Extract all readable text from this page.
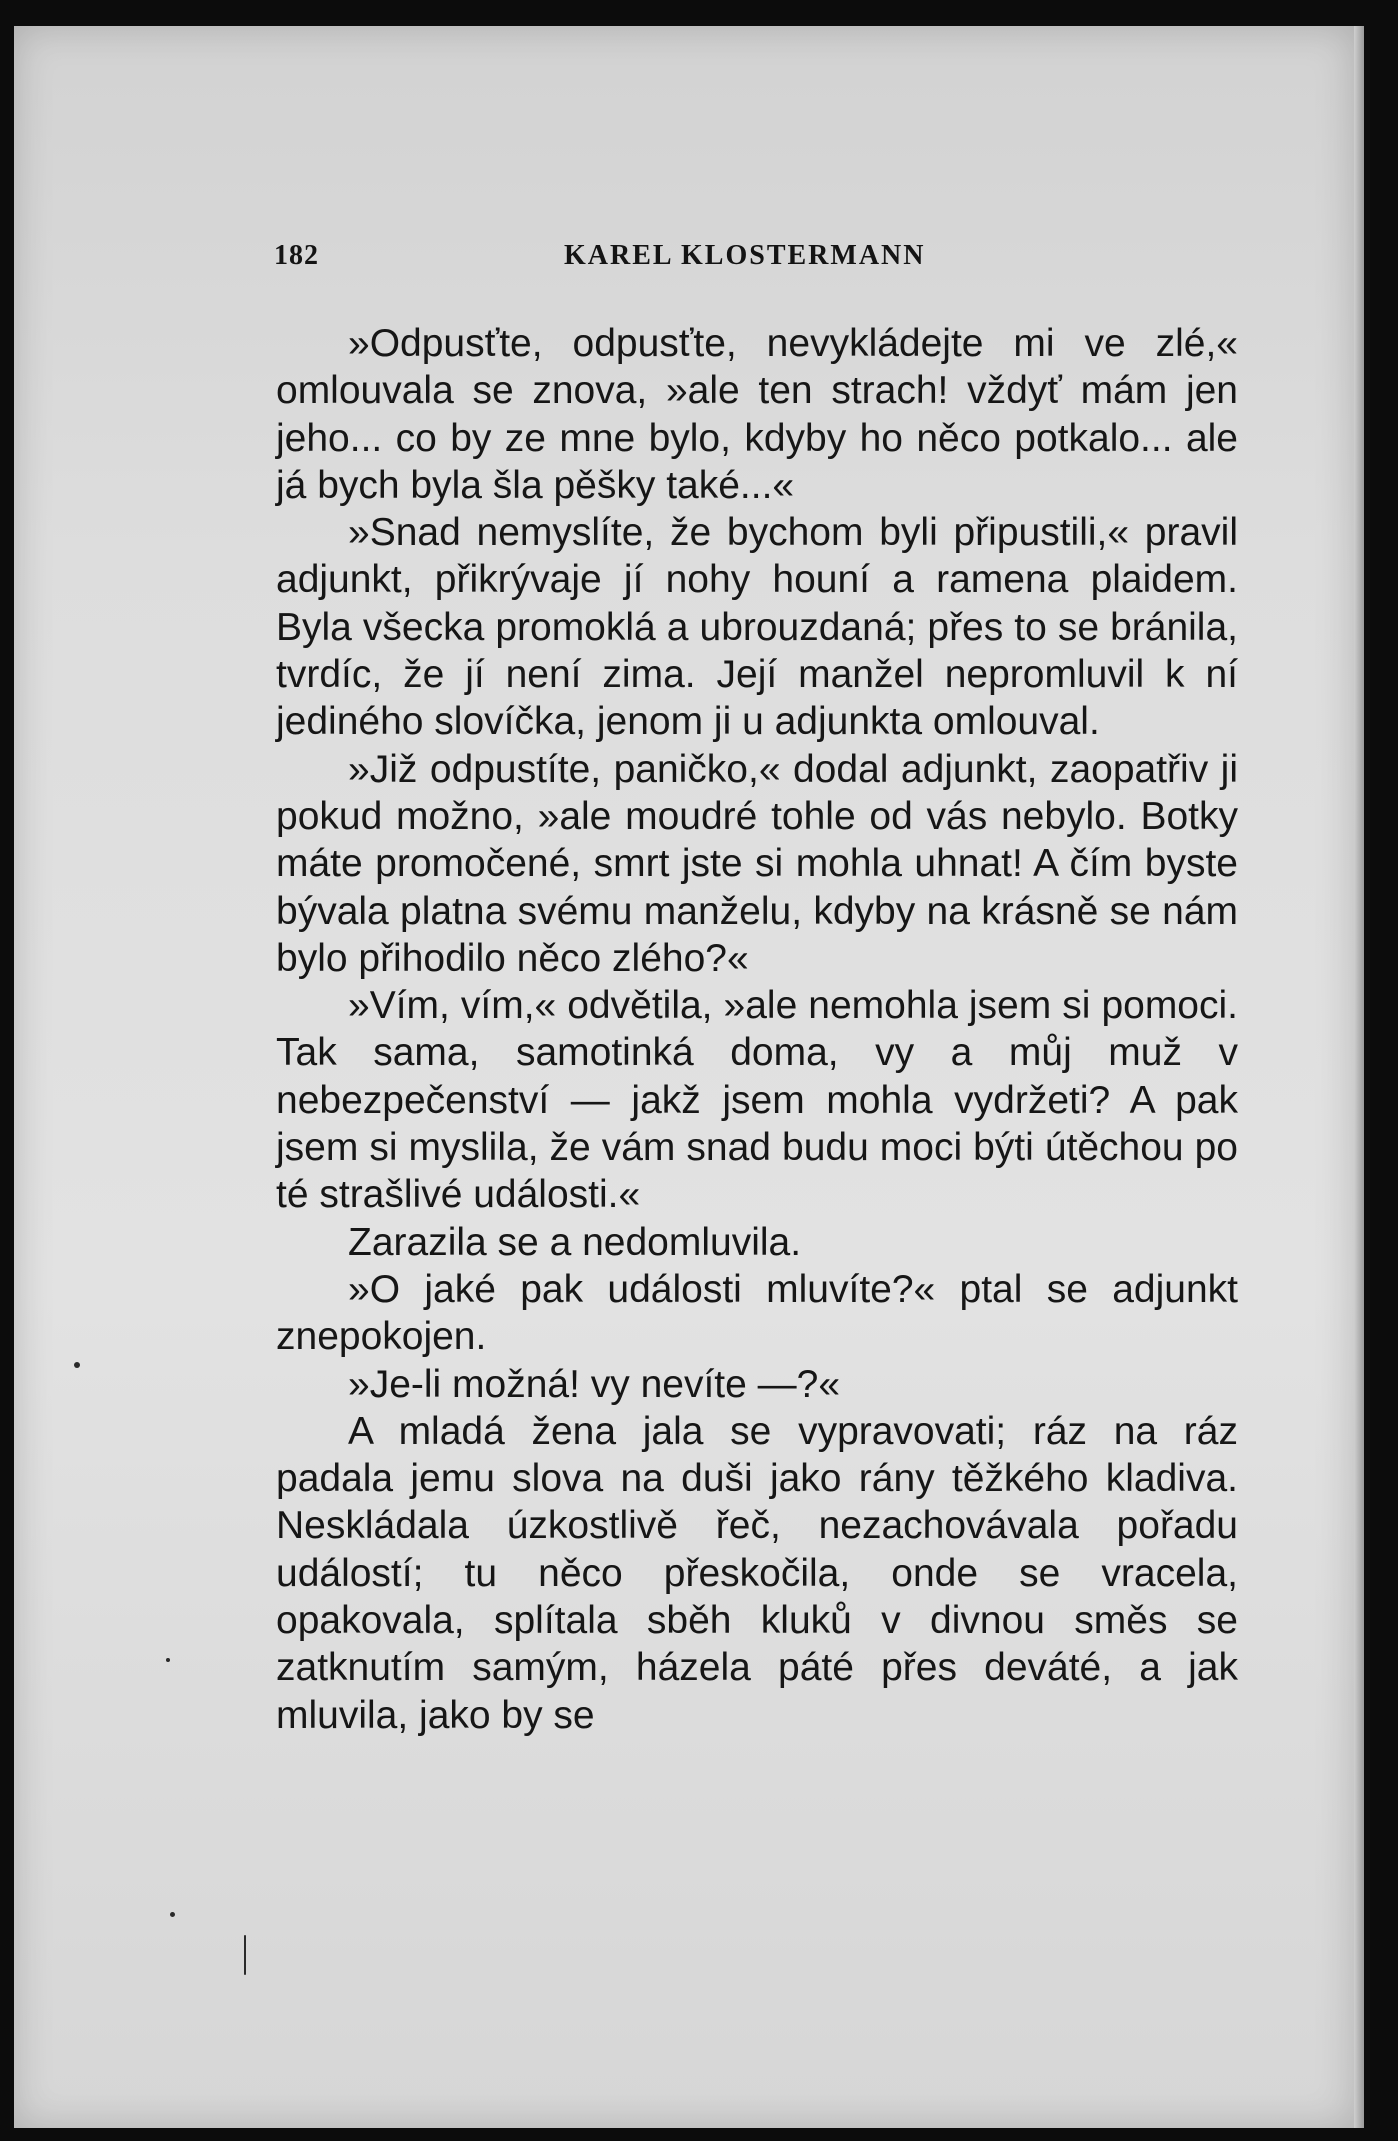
182	KAREL KLOSTERMANN

»Odpusťte, odpusťte, nevykládejte mi ve zlé,« omlouvala se znova, »ale ten strach! vždyť mám jen jeho... co by ze mne bylo, kdyby ho něco potkalo... ale já bych byla šla pěšky také...«

»Snad nemyslíte, že bychom byli připustili,« pravil adjunkt, přikrývaje jí nohy houní a ramena plaidem. Byla všecka promoklá a ubrouzdaná; přes to se bránila, tvrdíc, že jí není zima. Její manžel nepromluvil k ní jediného slovíčka, jenom ji u adjunkta omlouval.

»Již odpustíte, paničko,« dodal adjunkt, zaopatřiv ji pokud možno, »ale moudré tohle od vás nebylo. Botky máte promočené, smrt jste si mohla uhnat! A čím byste bývala platna svému manželu, kdyby na krásně se nám bylo přihodilo něco zlého?«

»Vím, vím,« odvětila, »ale nemohla jsem si pomoci. Tak sama, samotinká doma, vy a můj muž v nebezpečenství — jakž jsem mohla vydržeti? A pak jsem si myslila, že vám snad budu moci býti útěchou po té strašlivé události.«

Zarazila se a nedomluvila.

»O jaké pak události mluvíte?« ptal se adjunkt znepokojen.

»Je-li možná! vy nevíte —?«

A mladá žena jala se vypravovati; ráz na ráz padala jemu slova na duši jako rány těžkého kladiva. Neskládala úzkostlivě řeč, nezachovávala pořadu událostí; tu něco přeskočila, onde se vracela, opakovala, splítala sběh kluků v divnou směs se zatknutím samým, házela páté přes deváté, a jak mluvila, jako by se
